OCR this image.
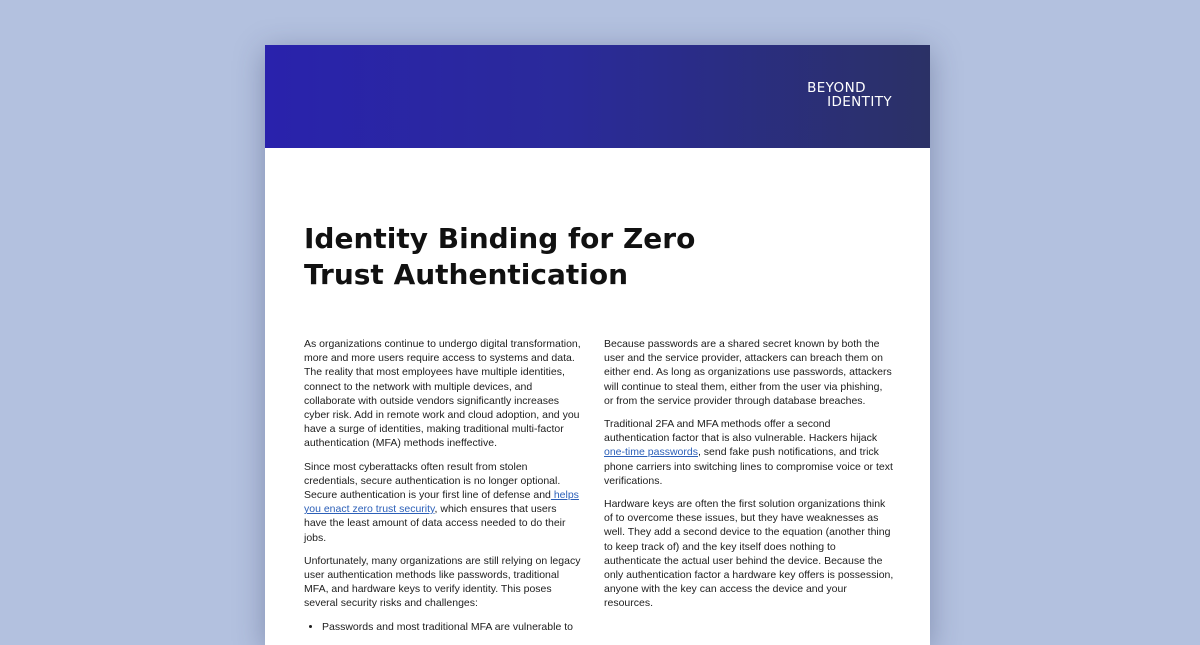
BEYOND
IDENTITY
Identity Binding for Zero
Trust Authentication

As organizations continue to undergo digital transformation, more and more users require access to systems and data. The reality that most employees have multiple identities, connect to the network with multiple devices, and collaborate with outside vendors significantly increases cyber risk. Add in remote work and cloud adoption, and you have a surge of identities, making traditional multi-factor authentication (MFA) methods ineffective.

Since most cyberattacks often result from stolen credentials, secure authentication is no longer optional. Secure authentication is your first line of defense and helps you enact zero trust security, which ensures that users have the least amount of data access needed to do their jobs.

Unfortunately, many organizations are still relying on legacy user authentication methods like passwords, traditional MFA, and hardware keys to verify identity. This poses several security risks and challenges:

• Passwords and most traditional MFA are vulnerable to

Because passwords are a shared secret known by both the user and the service provider, attackers can breach them on either end. As long as organizations use passwords, attackers will continue to steal them, either from the user via phishing, or from the service provider through database breaches.

Traditional 2FA and MFA methods offer a second authentication factor that is also vulnerable. Hackers hijack one-time passwords, send fake push notifications, and trick phone carriers into switching lines to compromise voice or text verifications.

Hardware keys are often the first solution organizations think of to overcome these issues, but they have weaknesses as well. They add a second device to the equation (another thing to keep track of) and the key itself does nothing to authenticate the actual user behind the device. Because the only authentication factor a hardware key offers is possession, anyone with the key can access the device and your resources.
